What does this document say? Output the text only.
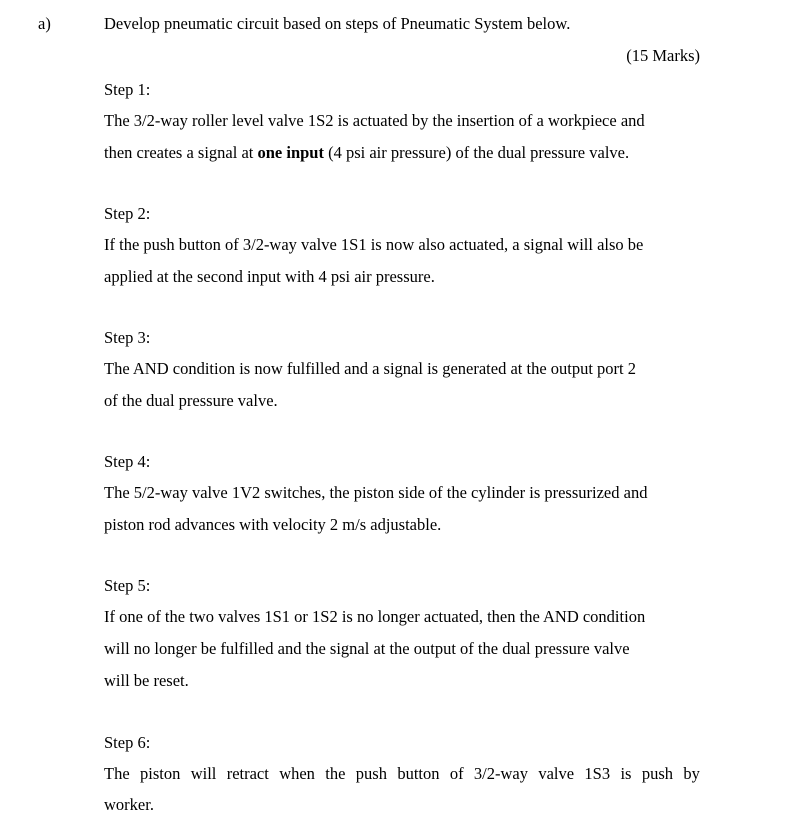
a)	Develop pneumatic circuit based on steps of Pneumatic System below.
(15 Marks)
Step 1:
The 3/2-way roller level valve 1S2 is actuated by the insertion of a workpiece and
then creates a signal at one input (4 psi air pressure) of the dual pressure valve.
Step 2:
If the push button of 3/2-way valve 1S1 is now also actuated, a signal will also be
applied at the second input with 4 psi air pressure.
Step 3:
The AND condition is now fulfilled and a signal is generated at the output port 2
of the dual pressure valve.
Step 4:
The 5/2-way valve 1V2 switches, the piston side of the cylinder is pressurized and
piston rod advances with velocity 2 m/s adjustable.
Step 5:
If one of the two valves 1S1 or 1S2 is no longer actuated, then the AND condition
will no longer be fulfilled and the signal at the output of the dual pressure valve
will be reset.
Step 6:
The piston will retract when the push button of 3/2-way valve 1S3 is push by
worker.
